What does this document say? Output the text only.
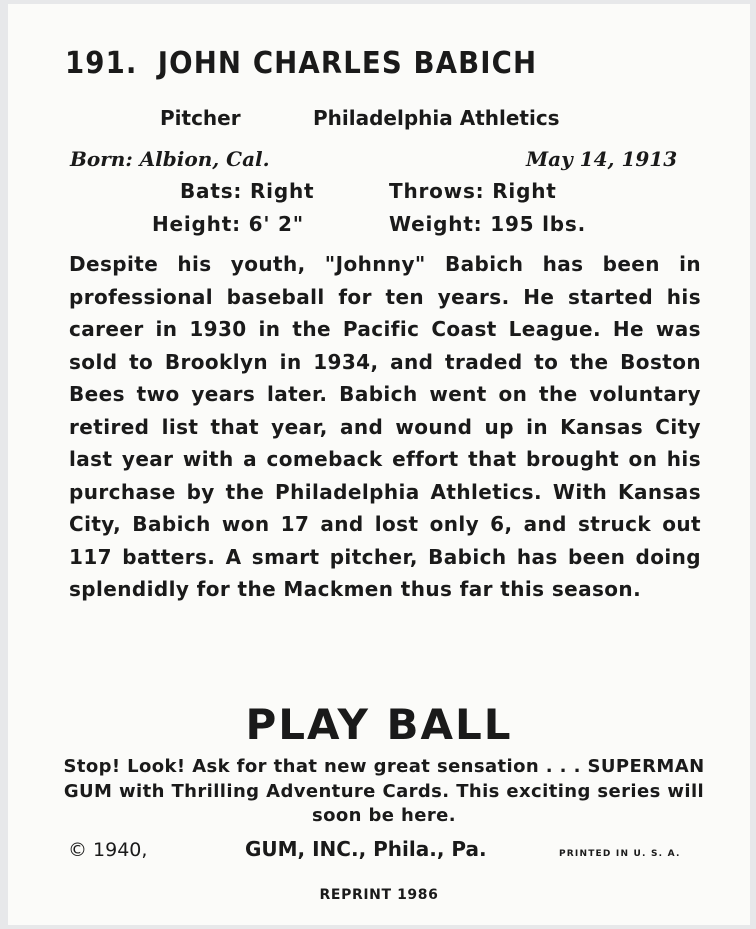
191. JOHN CHARLES BABICH
Pitcher	Philadelphia Athletics
Born: Albion, Cal.	May 14, 1913
Bats: Right	Throws: Right
Height: 6' 2"	Weight: 195 lbs.
Despite his youth, "Johnny" Babich has been in professional baseball for ten years. He started his career in 1930 in the Pacific Coast League. He was sold to Brooklyn in 1934, and traded to the Boston Bees two years later. Babich went on the voluntary retired list that year, and wound up in Kansas City last year with a comeback effort that brought on his purchase by the Philadelphia Athletics. With Kansas City, Babich won 17 and lost only 6, and struck out 117 batters. A smart pitcher, Babich has been doing splendidly for the Mackmen thus far this season.
PLAY BALL
Stop! Look! Ask for that new great sensation . . . SUPERMAN GUM with Thrilling Adventure Cards. This exciting series will soon be here.
© 1940,	GUM, INC., Phila., Pa.	PRINTED IN U. S. A.
REPRINT 1986
